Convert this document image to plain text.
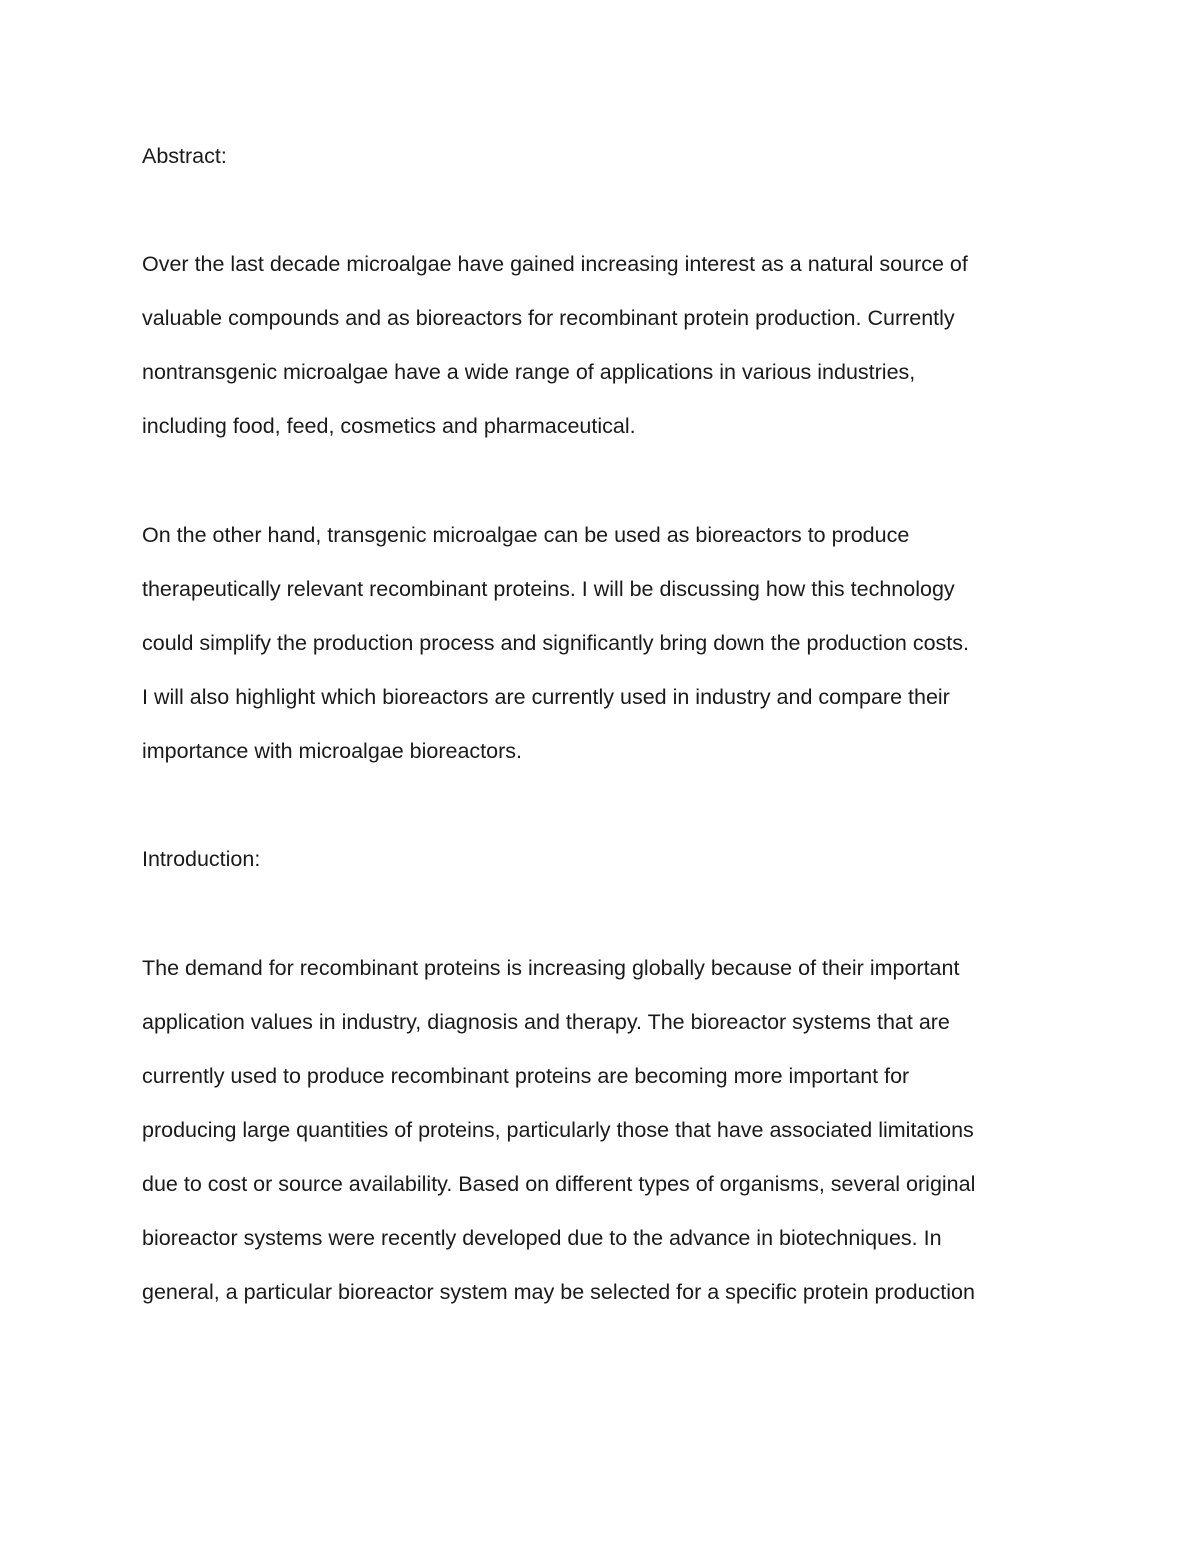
Abstract:

Over the last decade microalgae have gained increasing interest as a natural source of

valuable compounds and as bioreactors for recombinant protein production. Currently

nontransgenic microalgae have a wide range of applications in various industries,

including food, feed, cosmetics and pharmaceutical.

On the other hand, transgenic microalgae can be used as bioreactors to produce

therapeutically relevant recombinant proteins. I will be discussing how this technology

could simplify the production process and significantly bring down the production costs.

I will also highlight which bioreactors are currently used in industry and compare their

importance with microalgae bioreactors.

Introduction:

The demand for recombinant proteins is increasing globally because of their important

application values in industry, diagnosis and therapy. The bioreactor systems that are

currently used to produce recombinant proteins are becoming more important for

producing large quantities of proteins, particularly those that have associated limitations

due to cost or source availability. Based on different types of organisms, several original

bioreactor systems were recently developed due to the advance in biotechniques. In

general, a particular bioreactor system may be selected for a specific protein production
